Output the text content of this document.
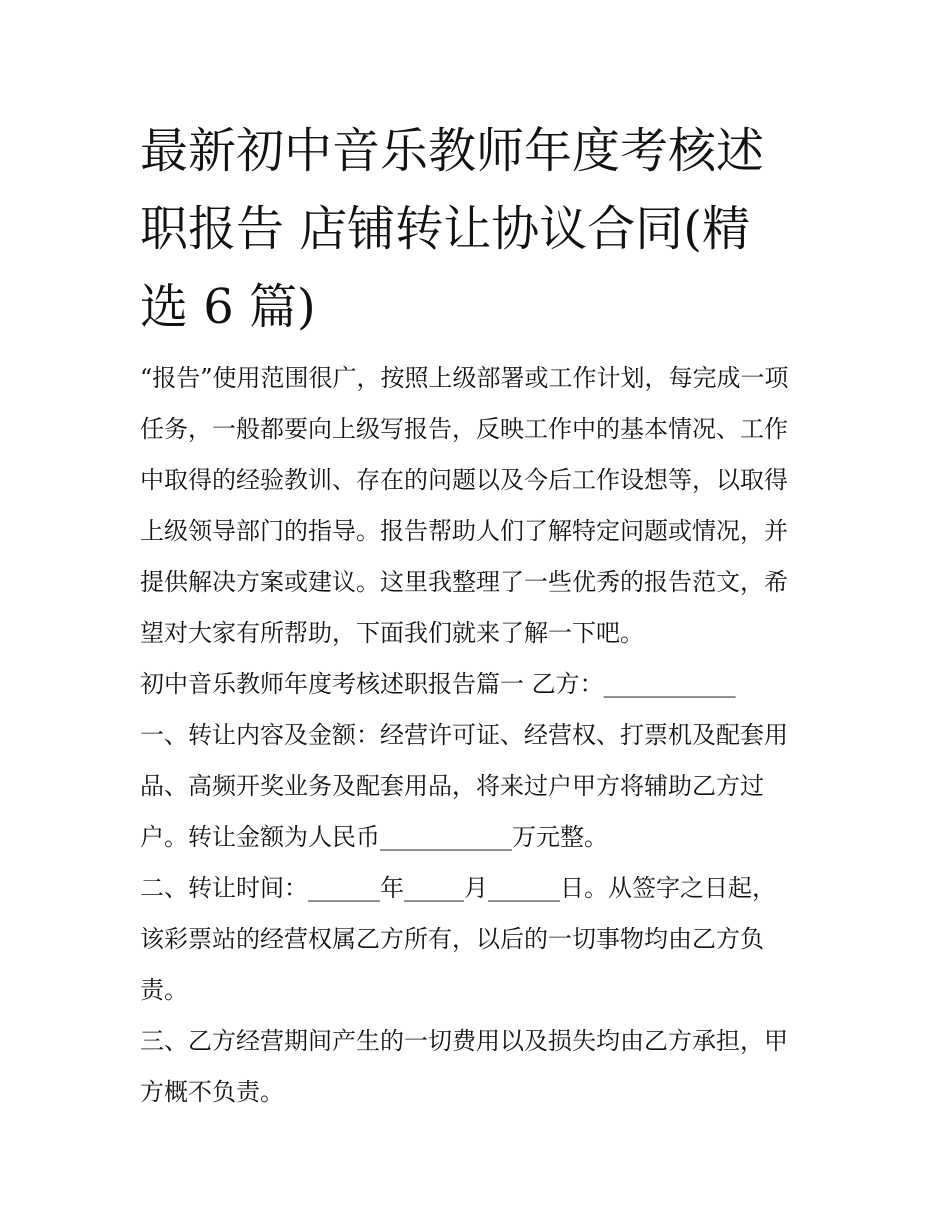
最新初中音乐教师年度考核述
职报告 店铺转让协议合同(精
选 6 篇)
“报告”使用范围很广，按照上级部署或工作计划，每完成一项
任务，一般都要向上级写报告，反映工作中的基本情况、工作
中取得的经验教训、存在的问题以及今后工作设想等，以取得
上级领导部门的指导。报告帮助人们了解特定问题或情况，并
提供解决方案或建议。这里我整理了一些优秀的报告范文，希
望对大家有所帮助，下面我们就来了解一下吧。
初中音乐教师年度考核述职报告篇一 乙方：___________
一、转让内容及金额：经营许可证、经营权、打票机及配套用
品、高频开奖业务及配套用品，将来过户甲方将辅助乙方过
户。转让金额为人民币___________万元整。
二、转让时间：______年_____月______日。从签字之日起，
该彩票站的经营权属乙方所有，以后的一切事物均由乙方负
责。
三、乙方经营期间产生的一切费用以及损失均由乙方承担，甲
方概不负责。
